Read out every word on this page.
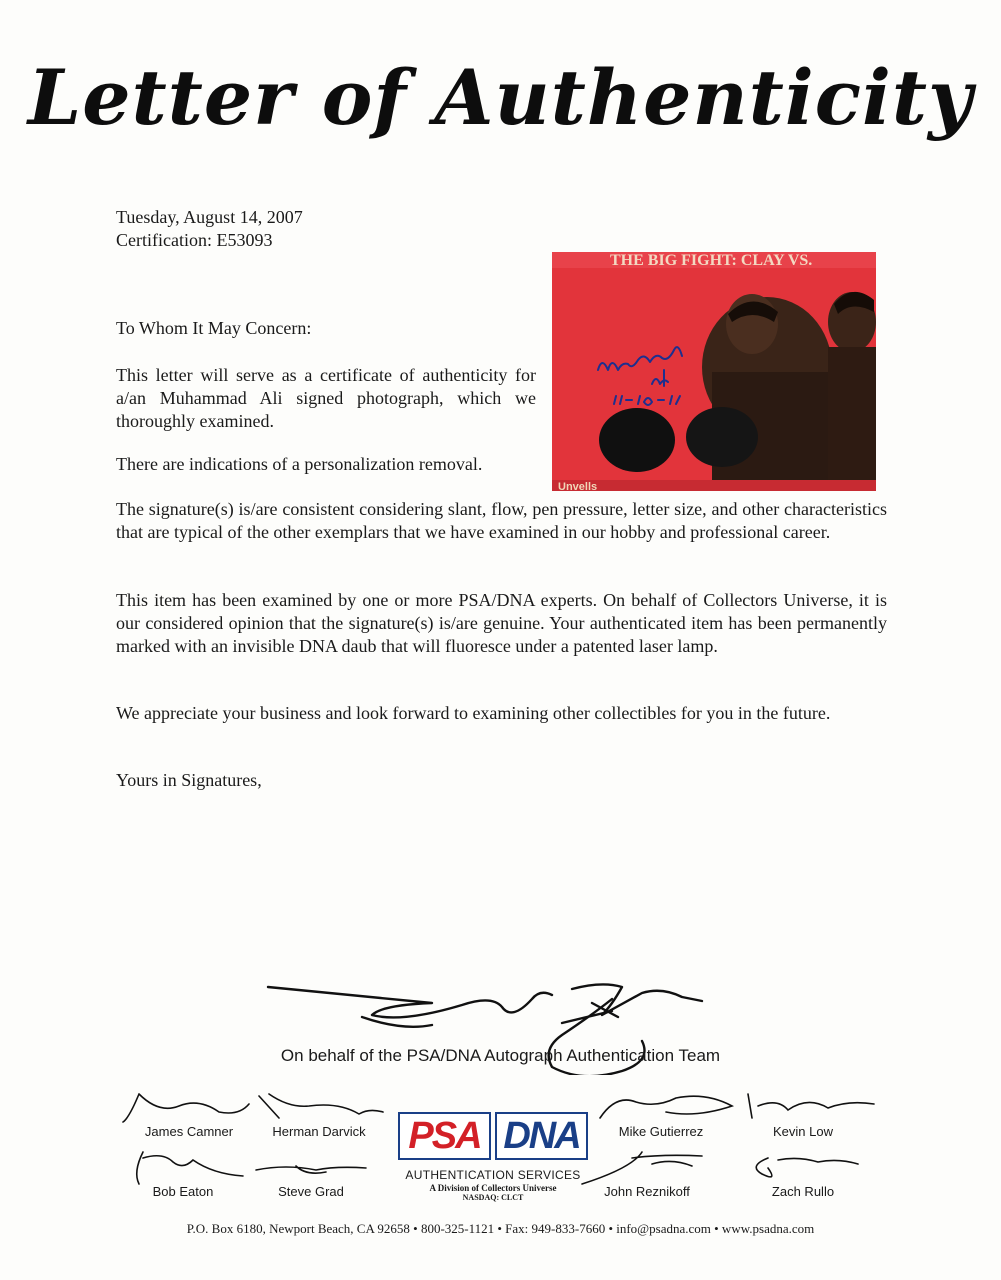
Letter of Authenticity
Tuesday, August 14, 2007
Certification: E53093
THE BIG FIGHT: CLAY VS.
Unvells
To Whom It May Concern:
This letter will serve as a certificate of authenticity for a/an Muhammad Ali signed photograph, which we thoroughly examined.
There are indications of a personalization removal.
The signature(s) is/are consistent considering slant, flow, pen pressure, letter size, and other characteristics that are typical of the other exemplars that we have examined in our hobby and professional career.
This item has been examined by one or more PSA/DNA experts. On behalf of Collectors Universe, it is our considered opinion that the signature(s) is/are genuine. Your authenticated item has been permanently marked with an invisible DNA daub that will fluoresce under a patented laser lamp.
We appreciate your business and look forward to examining other collectibles for you in the future.
Yours in Signatures,
On behalf of the PSA/DNA Autograph Authentication Team
James Camner	Herman Darvick	Mike Gutierrez	Kevin Low
Bob Eaton	Steve Grad	John Reznikoff	Zach Rullo
PSA DNA
AUTHENTICATION SERVICES
A Division of Collectors Universe
NASDAQ: CLCT
P.O. Box 6180, Newport Beach, CA 92658 • 800-325-1121 • Fax: 949-833-7660 • info@psadna.com • www.psadna.com
